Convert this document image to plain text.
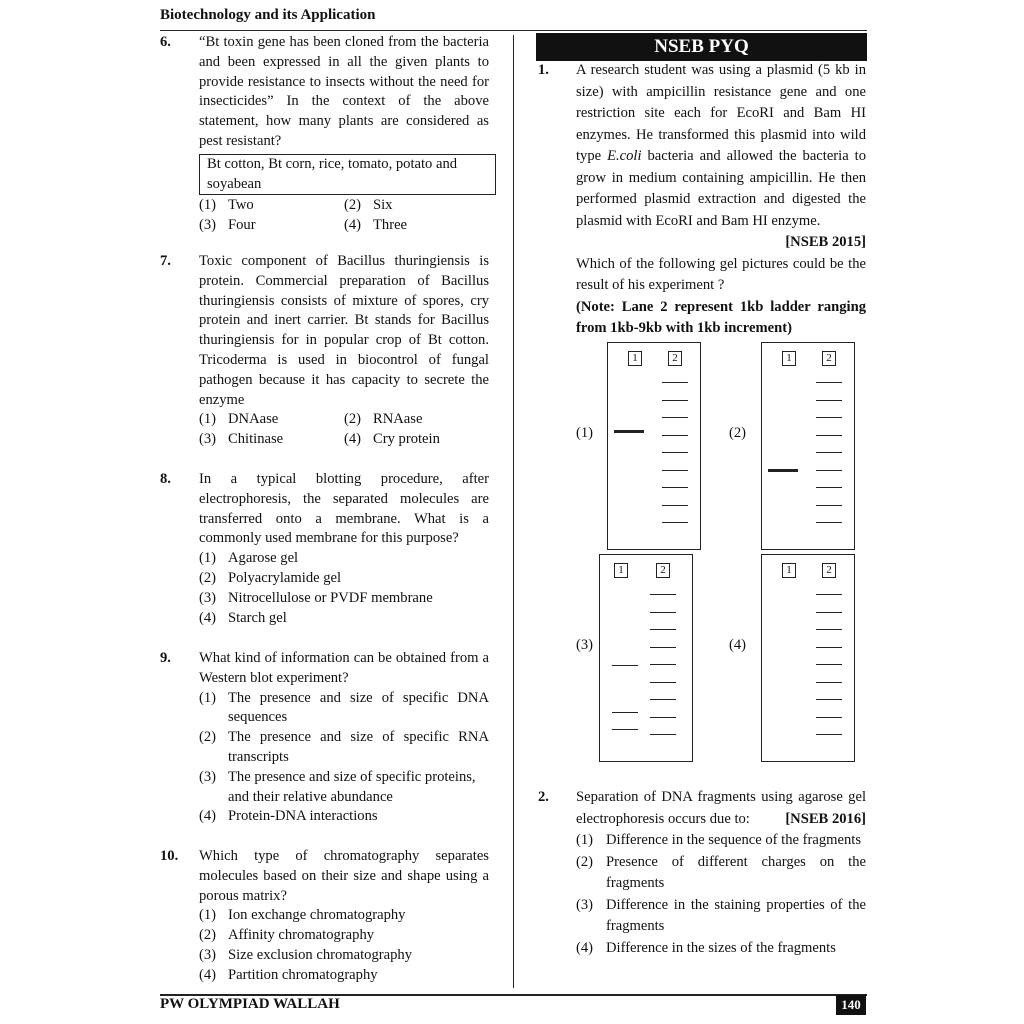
Biotechnology and its Application
PW OLYMPIAD WALLAH	140
6. “Bt toxin gene has been cloned from the bacteria and been expressed in all the given plants to provide resistance to insects without the need for insecticides” In the context of the above statement, how many plants are considered as pest resistant?
Bt cotton, Bt corn, rice, tomato, potato and soyabean
(1) Two	(2) Six
(3) Four	(4) Three
7. Toxic component of Bacillus thuringiensis is protein. Commercial preparation of Bacillus thuringiensis consists of mixture of spores, cry protein and inert carrier. Bt stands for Bacillus thuringiensis for in popular crop of Bt cotton. Tricoderma is used in biocontrol of fungal pathogen because it has capacity to secrete the enzyme
(1) DNAase	(2) RNAase
(3) Chitinase	(4) Cry protein
8. In a typical blotting procedure, after electrophoresis, the separated molecules are transferred onto a membrane. What is a commonly used membrane for this purpose?
(1) Agarose gel
(2) Polyacrylamide gel
(3) Nitrocellulose or PVDF membrane
(4) Starch gel
9. What kind of information can be obtained from a Western blot experiment?
(1) The presence and size of specific DNA sequences
(2) The presence and size of specific RNA transcripts
(3) The presence and size of specific proteins, and their relative abundance
(4) Protein-DNA interactions
10. Which type of chromatography separates molecules based on their size and shape using a porous matrix?
(1) Ion exchange chromatography
(2) Affinity chromatography
(3) Size exclusion chromatography
(4) Partition chromatography
NSEB PYQ
1. A research student was using a plasmid (5 kb in size) with ampicillin resistance gene and one restriction site each for EcoRI and Bam HI enzymes. He transformed this plasmid into wild type E.coli bacteria and allowed the bacteria to grow in medium containing ampicillin. He then performed plasmid extraction and digested the plasmid with EcoRI and Bam HI enzyme.
[NSEB 2015]
Which of the following gel pictures could be the result of his experiment ?
(Note: Lane 2 represent 1kb ladder ranging from 1kb-9kb with 1kb increment)
(1)
1	2
(2)
1	2
(3)
1	2
(4)
1	2
2. Separation of DNA fragments using agarose gel electrophoresis occurs due to: [NSEB 2016]
(1) Difference in the sequence of the fragments
(2) Presence of different charges on the fragments
(3) Difference in the staining properties of the fragments
(4) Difference in the sizes of the fragments
